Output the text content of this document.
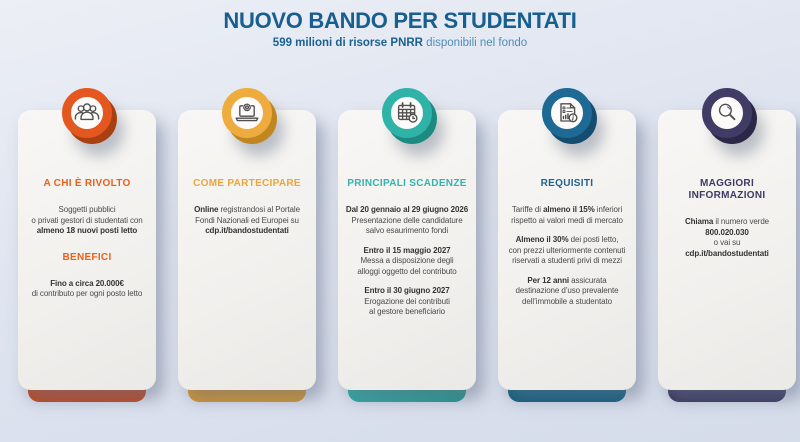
NUOVO BANDO PER STUDENTATI
599 milioni di risorse PNRR disponibili nel fondo
A CHI È RIVOLTO

Soggetti pubblici
o privati gestori di studentati con
almeno 18 nuovi posti letto

BENEFICI

Fino a circa 20.000€
di contributo per ogni posto letto

COME PARTECIPARE

Online registrandosi al Portale
Fondi Nazionali ed Europei su
cdp.it/bandostudentati

PRINCIPALI SCADENZE

Dal 20 gennaio al 29 giugno 2026
Presentazione delle candidature
salvo esaurimento fondi

Entro il 15 maggio 2027
Messa a disposizione degli
alloggi oggetto del contributo

Entro il 30 giugno 2027
Erogazione dei contributi
al gestore beneficiario

REQUISITI

Tariffe di almeno il 15% inferiori
rispetto ai valori medi di mercato

Almeno il 30% dei posti letto,
con prezzi ulteriormente contenuti
riservati a studenti privi di mezzi

Per 12 anni assicurata
destinazione d’uso prevalente
dell’immobile a studentato

MAGGIORI INFORMAZIONI

Chiama il numero verde
800.020.030
o vai su
cdp.it/bandostudentati
